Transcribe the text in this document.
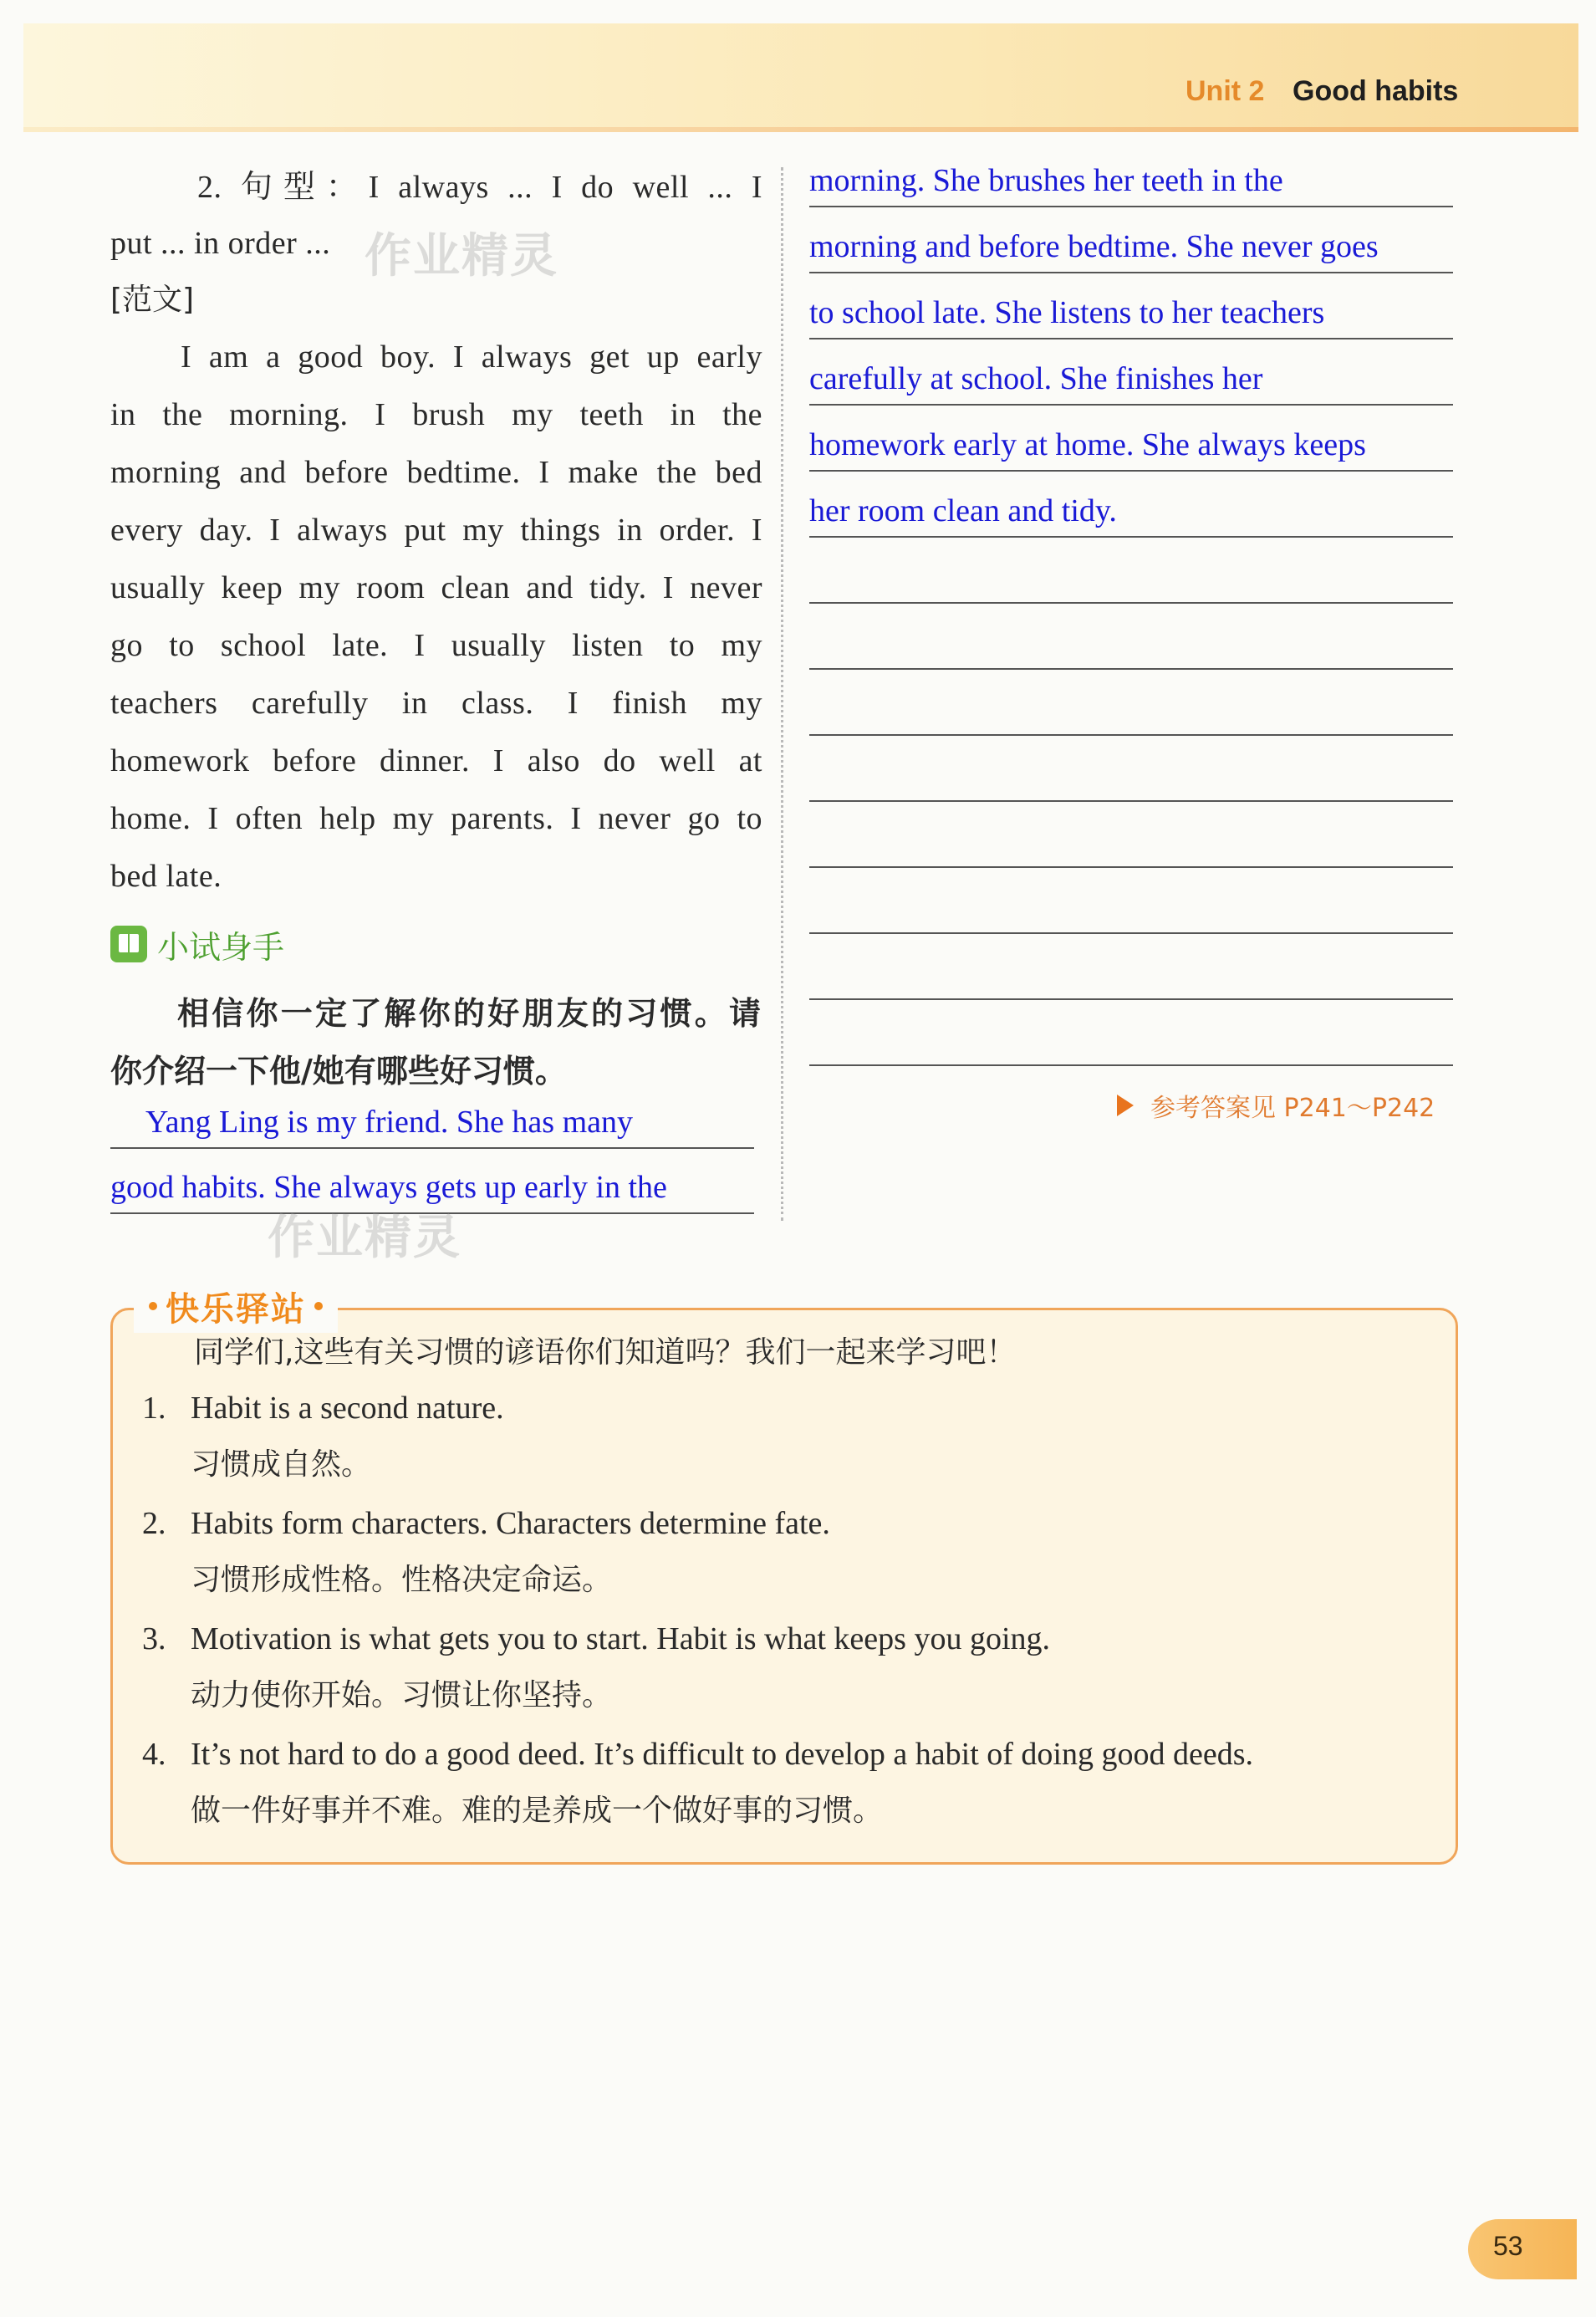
Unit 2 Good habits
2. 句型：I always ... I do well ... I
put ... in order ...
[范文]
I am a good boy. I always get up early
in the morning. I brush my teeth in the
morning and before bedtime. I make the bed
every day. I always put my things in order. I
usually keep my room clean and tidy. I never
go to school late. I usually listen to my
teachers carefully in class. I finish my
homework before dinner. I also do well at
home. I often help my parents. I never go to
bed late.
小试身手
相信你一定了解你的好朋友的习惯。请
你介绍一下他/她有哪些好习惯。
Yang Ling is my friend. She has many
good habits. She always gets up early in the
morning. She brushes her teeth in the
morning and before bedtime. She never goes
to school late. She listens to her teachers
carefully at school. She finishes her
homework early at home. She always keeps
her room clean and tidy.
参考答案见 P241～P242
快乐驿站
同学们,这些有关习惯的谚语你们知道吗？我们一起来学习吧！
1. Habit is a second nature.
习惯成自然。
2. Habits form characters. Characters determine fate.
习惯形成性格。性格决定命运。
3. Motivation is what gets you to start. Habit is what keeps you going.
动力使你开始。习惯让你坚持。
4. It’s not hard to do a good deed. It’s difficult to develop a habit of doing good deeds.
做一件好事并不难。难的是养成一个做好事的习惯。
作业精灵
作业精灵
53
